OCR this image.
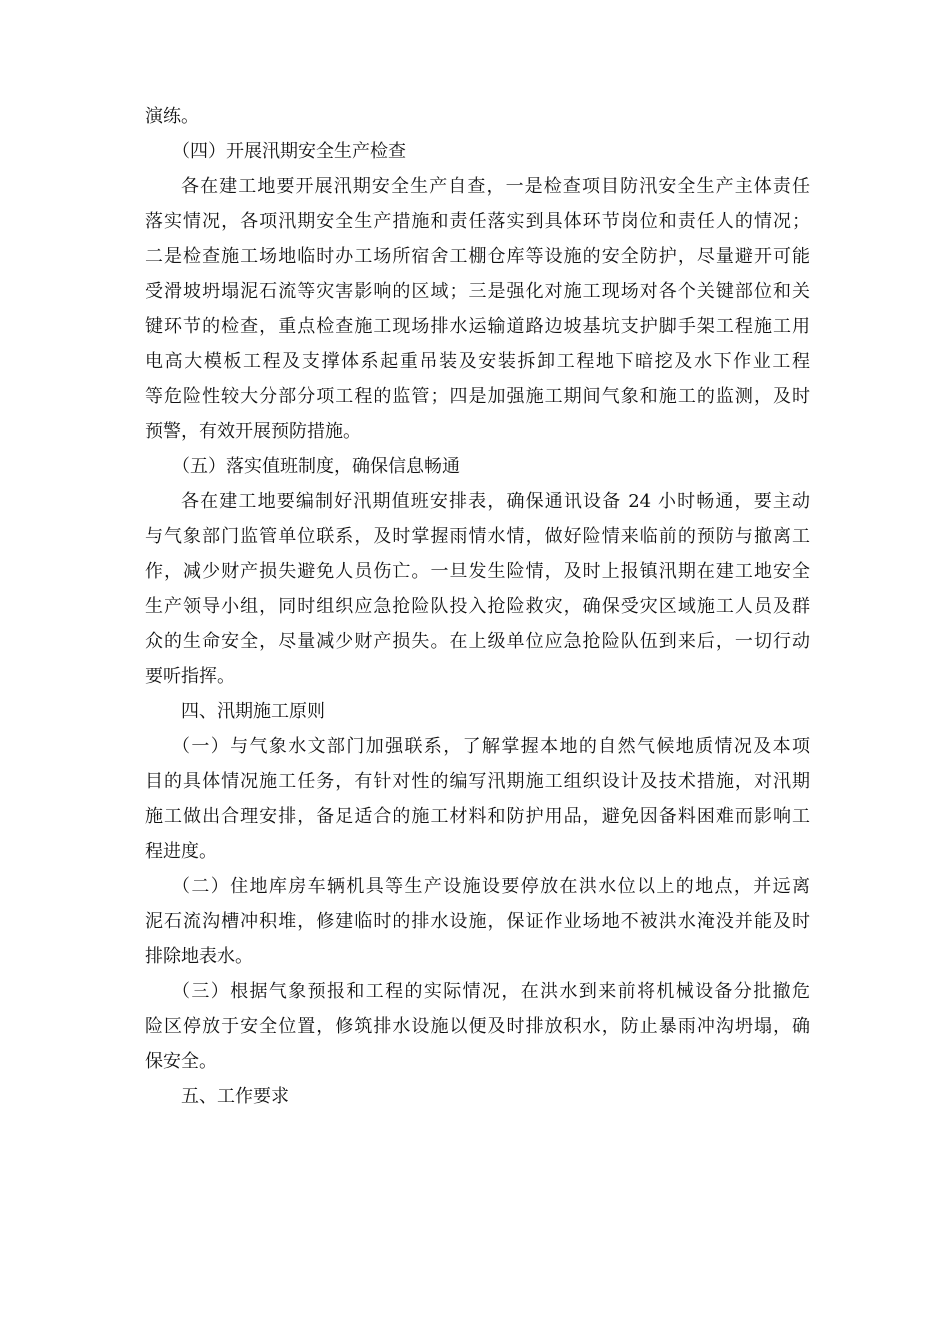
演练。
（四）开展汛期安全生产检查
各在建工地要开展汛期安全生产自查，一是检查项目防汛安全生产主体责任
落实情况，各项汛期安全生产措施和责任落实到具体环节岗位和责任人的情况；
二是检查施工场地临时办工场所宿舍工棚仓库等设施的安全防护，尽量避开可能
受滑坡坍塌泥石流等灾害影响的区域；三是强化对施工现场对各个关键部位和关
键环节的检查，重点检查施工现场排水运输道路边坡基坑支护脚手架工程施工用
电高大模板工程及支撑体系起重吊装及安装拆卸工程地下暗挖及水下作业工程
等危险性较大分部分项工程的监管；四是加强施工期间气象和施工的监测，及时
预警，有效开展预防措施。
（五）落实值班制度，确保信息畅通
各在建工地要编制好汛期值班安排表，确保通讯设备 24 小时畅通，要主动
与气象部门监管单位联系，及时掌握雨情水情，做好险情来临前的预防与撤离工
作，减少财产损失避免人员伤亡。一旦发生险情，及时上报镇汛期在建工地安全
生产领导小组，同时组织应急抢险队投入抢险救灾，确保受灾区域施工人员及群
众的生命安全，尽量减少财产损失。在上级单位应急抢险队伍到来后，一切行动
要听指挥。
四、汛期施工原则
（一）与气象水文部门加强联系，了解掌握本地的自然气候地质情况及本项
目的具体情况施工任务，有针对性的编写汛期施工组织设计及技术措施，对汛期
施工做出合理安排，备足适合的施工材料和防护用品，避免因备料困难而影响工
程进度。
（二）住地库房车辆机具等生产设施设要停放在洪水位以上的地点，并远离
泥石流沟槽冲积堆，修建临时的排水设施，保证作业场地不被洪水淹没并能及时
排除地表水。
（三）根据气象预报和工程的实际情况，在洪水到来前将机械设备分批撤危
险区停放于安全位置，修筑排水设施以便及时排放积水，防止暴雨冲沟坍塌，确
保安全。
五、工作要求
